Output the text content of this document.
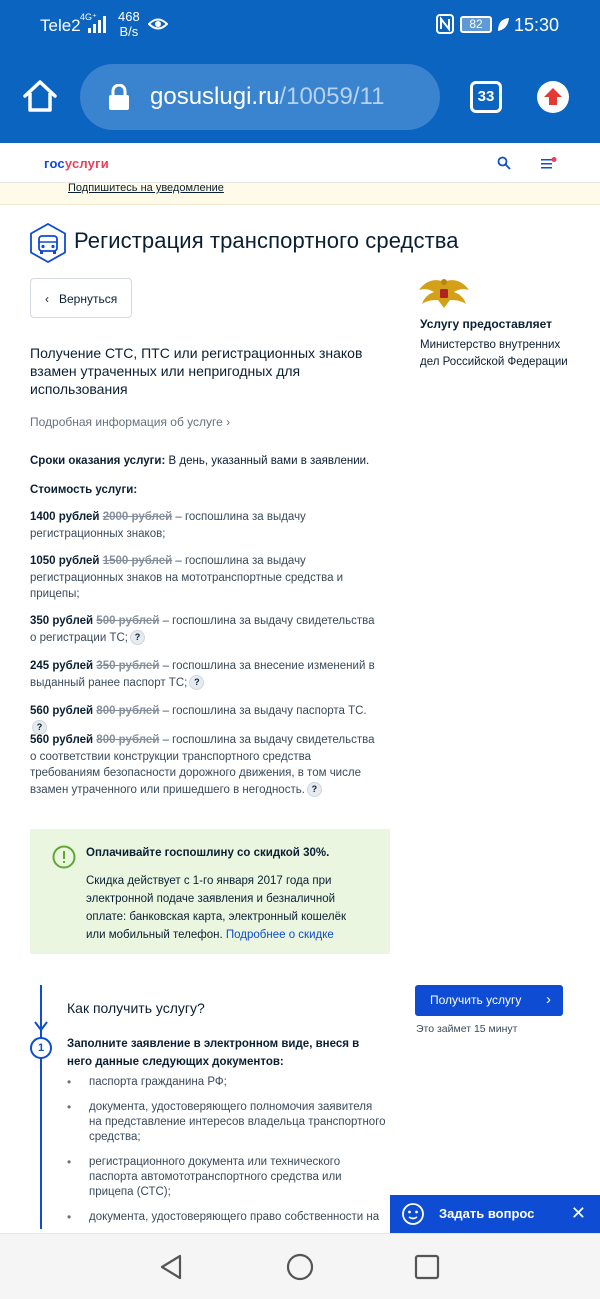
Tele2 4G⁺ 468
B/s	82	15:30
gosuslugi.ru/10059/11	33
госуслуги
Подпишитесь на уведомление
Регистрация транспортного средства
‹ Вернуться
Получение СТС, ПТС или регистрационных знаков взамен утраченных или непригодных для использования
Подробная информация об услуге ›
Сроки оказания услуги: В день, указанный вами в заявлении.
Стоимость услуги:
1400 рублей 2000 рублей – госпошлина за выдачу регистрационных знаков;
1050 рублей 1500 рублей – госпошлина за выдачу регистрационных знаков на мототранспортные средства и прицепы;
350 рублей 500 рублей – госпошлина за выдачу свидетельства о регистрации ТС; ?
245 рублей 350 рублей – госпошлина за внесение изменений в выданный ранее паспорт ТС; ?
560 рублей 800 рублей – госпошлина за выдачу паспорта ТС.?
560 рублей 800 рублей – госпошлина за выдачу свидетельства о соответствии конструкции транспортного средства требованиям безопасности дорожного движения, в том числе взамен утраченного или пришедшего в негодность. ?
Услугу предоставляет
Министерство внутренних дел Российской Федерации
Оплачивайте госпошлину со скидкой 30%.
Скидка действует с 1-го января 2017 года при электронной подаче заявления и безналичной оплате: банковская карта, электронный кошелёк или мобильный телефон. Подробнее о скидке
1
Как получить услугу?
Заполните заявление в электронном виде, внеся в него данные следующих документов:
• паспорта гражданина РФ;
• документа, удостоверяющего полномочия заявителя на представление интересов владельца транспортного средства;
• регистрационного документа или технического паспорта автомототранспортного средства или прицепа (СТС);
• документа, удостоверяющего право собственности на
Получить услугу ›
Это займет 15 минут
Задать вопрос ✕
